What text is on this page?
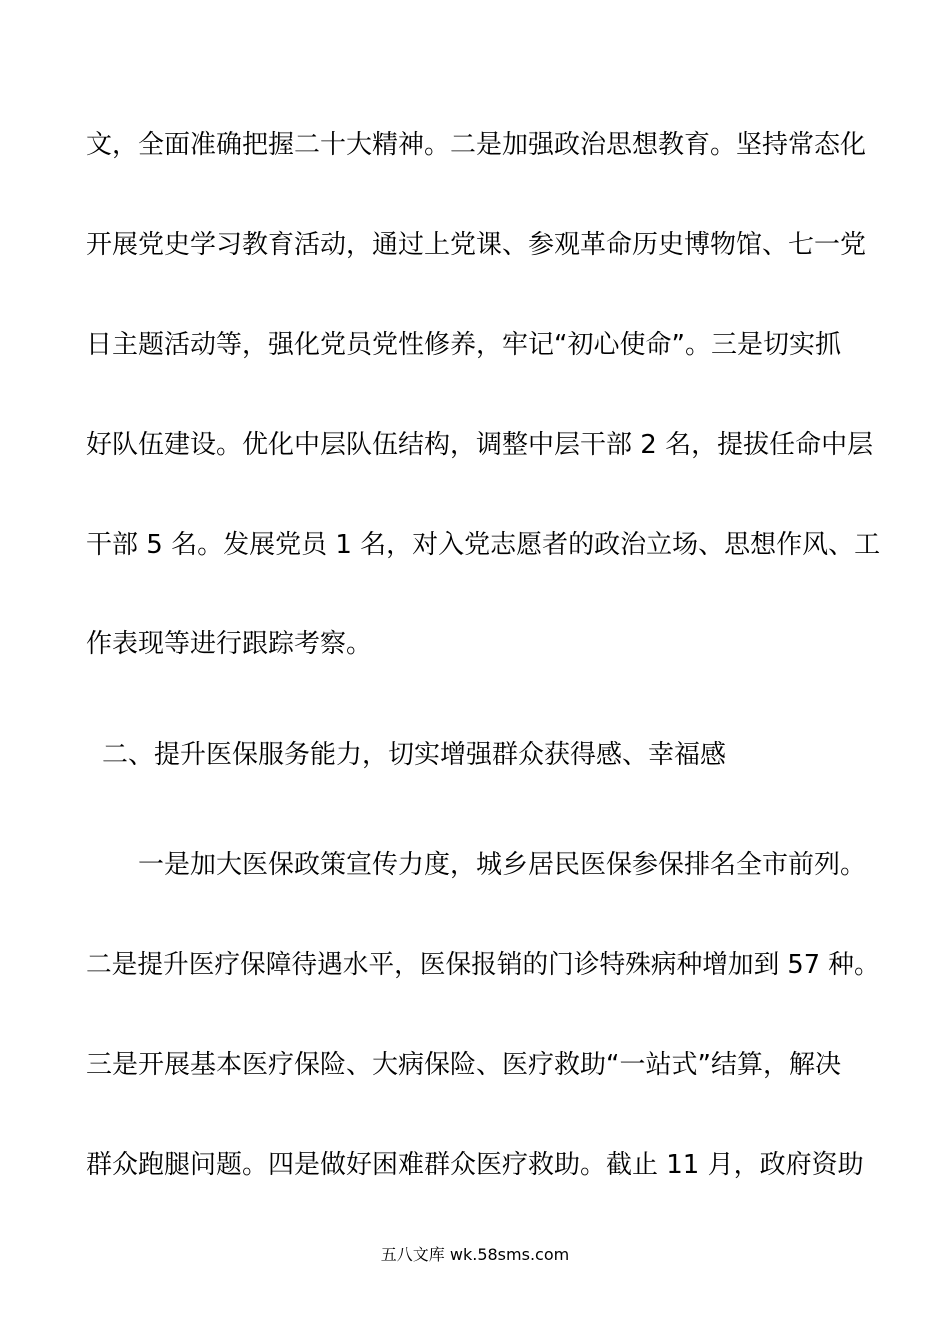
文，全面准确把握二十大精神。二是加强政治思想教育。坚持常态化
开展党史学习教育活动，通过上党课、参观革命历史博物馆、七一党
日主题活动等，强化党员党性修养，牢记“初心使命”。三是切实抓
好队伍建设。优化中层队伍结构，调整中层干部 2 名，提拔任命中层
干部 5 名。发展党员 1 名，对入党志愿者的政治立场、思想作风、工
作表现等进行跟踪考察。
二、提升医保服务能力，切实增强群众获得感、幸福感
一是加大医保政策宣传力度，城乡居民医保参保排名全市前列。
二是提升医疗保障待遇水平，医保报销的门诊特殊病种增加到 57 种。
三是开展基本医疗保险、大病保险、医疗救助“一站式”结算，解决
群众跑腿问题。四是做好困难群众医疗救助。截止 11 月，政府资助
五八文库 wk.58sms.com
